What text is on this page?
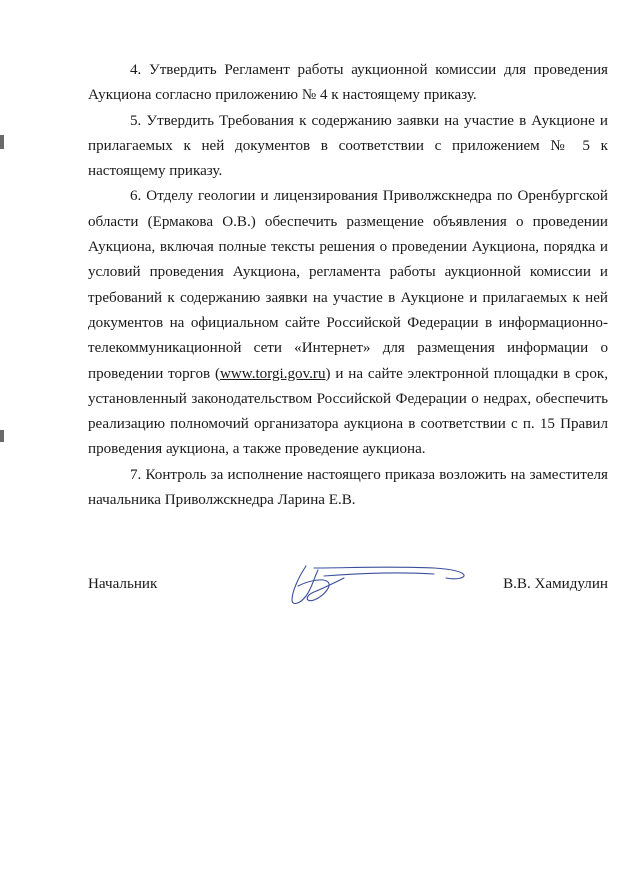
4. Утвердить Регламент работы аукционной комиссии для проведения Аукциона согласно приложению № 4 к настоящему приказу.

5. Утвердить Требования к содержанию заявки на участие в Аукционе и прилагаемых к ней документов в соответствии с приложением № 5 к настоящему приказу.

6. Отделу геологии и лицензирования Приволжскнедра по Оренбургской области (Ермакова О.В.) обеспечить размещение объявления о проведении Аукциона, включая полные тексты решения о проведении Аукциона, порядка и условий проведения Аукциона, регламента работы аукционной комиссии и требований к содержанию заявки на участие в Аукционе и прилагаемых к ней документов на официальном сайте Российской Федерации в информационно-телекоммуникационной сети «Интернет» для размещения информации о проведении торгов (www.torgi.gov.ru) и на сайте электронной площадки в срок, установленный законодательством Российской Федерации о недрах, обеспечить реализацию полномочий организатора аукциона в соответствии с п. 15 Правил проведения аукциона, а также проведение аукциона.

7. Контроль за исполнение настоящего приказа возложить на заместителя начальника Приволжскнедра Ларина Е.В.

Начальник	В.В. Хамидулин
